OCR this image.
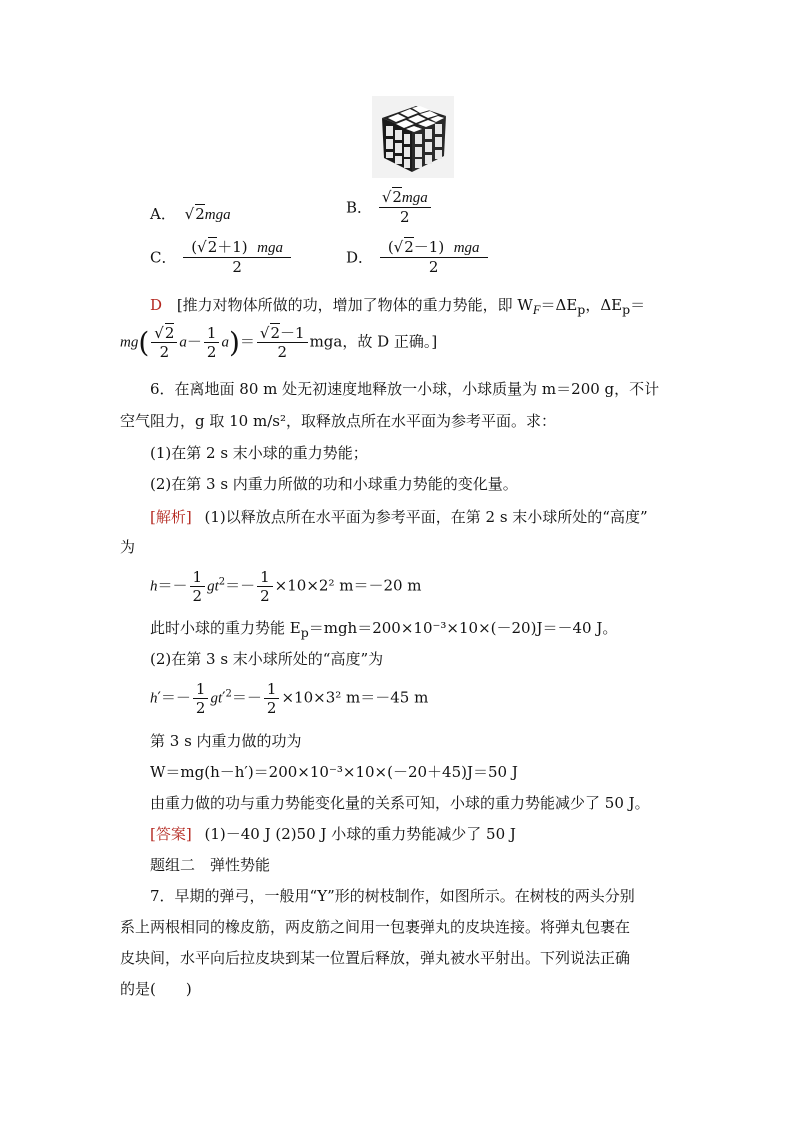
A． √2mga	B． $\frac{\text{√2mga}}{2}$
C． $\frac{\text{(√2＋1)  mga}}{2}$	D． $\frac{\text{(√2－1)  mga}}{2}$
D [推力对物体所做的功，增加了物体的重力势能，即 $W_F=\Delta E_p$，$\Delta E_p=$
$mg( \frac{√2}{2} a- \frac{1}{2} a)= \frac{√2-1}{2}$ mga，故 D 正确。]
6．在离地面 80 m 处无初速度地释放一小球，小球质量为 m＝200 g，不计
空气阻力，g 取 10 m/s²，取释放点所在水平面为参考平面。求：
(1)在第 2 s 末小球的重力势能；
(2)在第 3 s 内重力所做的功和小球重力势能的变化量。
[解析] (1)以释放点所在水平面为参考平面，在第 2 s 末小球所处的“高度”
为
$h=- \frac{1}{2} gt^2=- \frac{1}{2} \times 10\times 2^2$ m＝－20 m
此时小球的重力势能 $E_p=mgh=200\times 10^{-3}\times 10\times(-20)J=-40$ J。
(2)在第 3 s 末小球所处的“高度”为
$h'=- \frac{1}{2} gt'^2=- \frac{1}{2} \times 10\times 3^2$ m＝－45 m
第 3 s 内重力做的功为
W＝mg(h－h′)＝200×10⁻³×10×(－20＋45)J＝50 J
由重力做的功与重力势能变化量的关系可知，小球的重力势能减少了 50 J。
[答案] (1)－40 J (2)50 J 小球的重力势能减少了 50 J
题组二　弹性势能
7．早期的弹弓，一般用“Y”形的树枝制作，如图所示。在树枝的两头分别
系上两根相同的橡皮筋，两皮筋之间用一包裹弹丸的皮块连接。将弹丸包裹在
皮块间，水平向后拉皮块到某一位置后释放，弹丸被水平射出。下列说法正确
的是(　　)
